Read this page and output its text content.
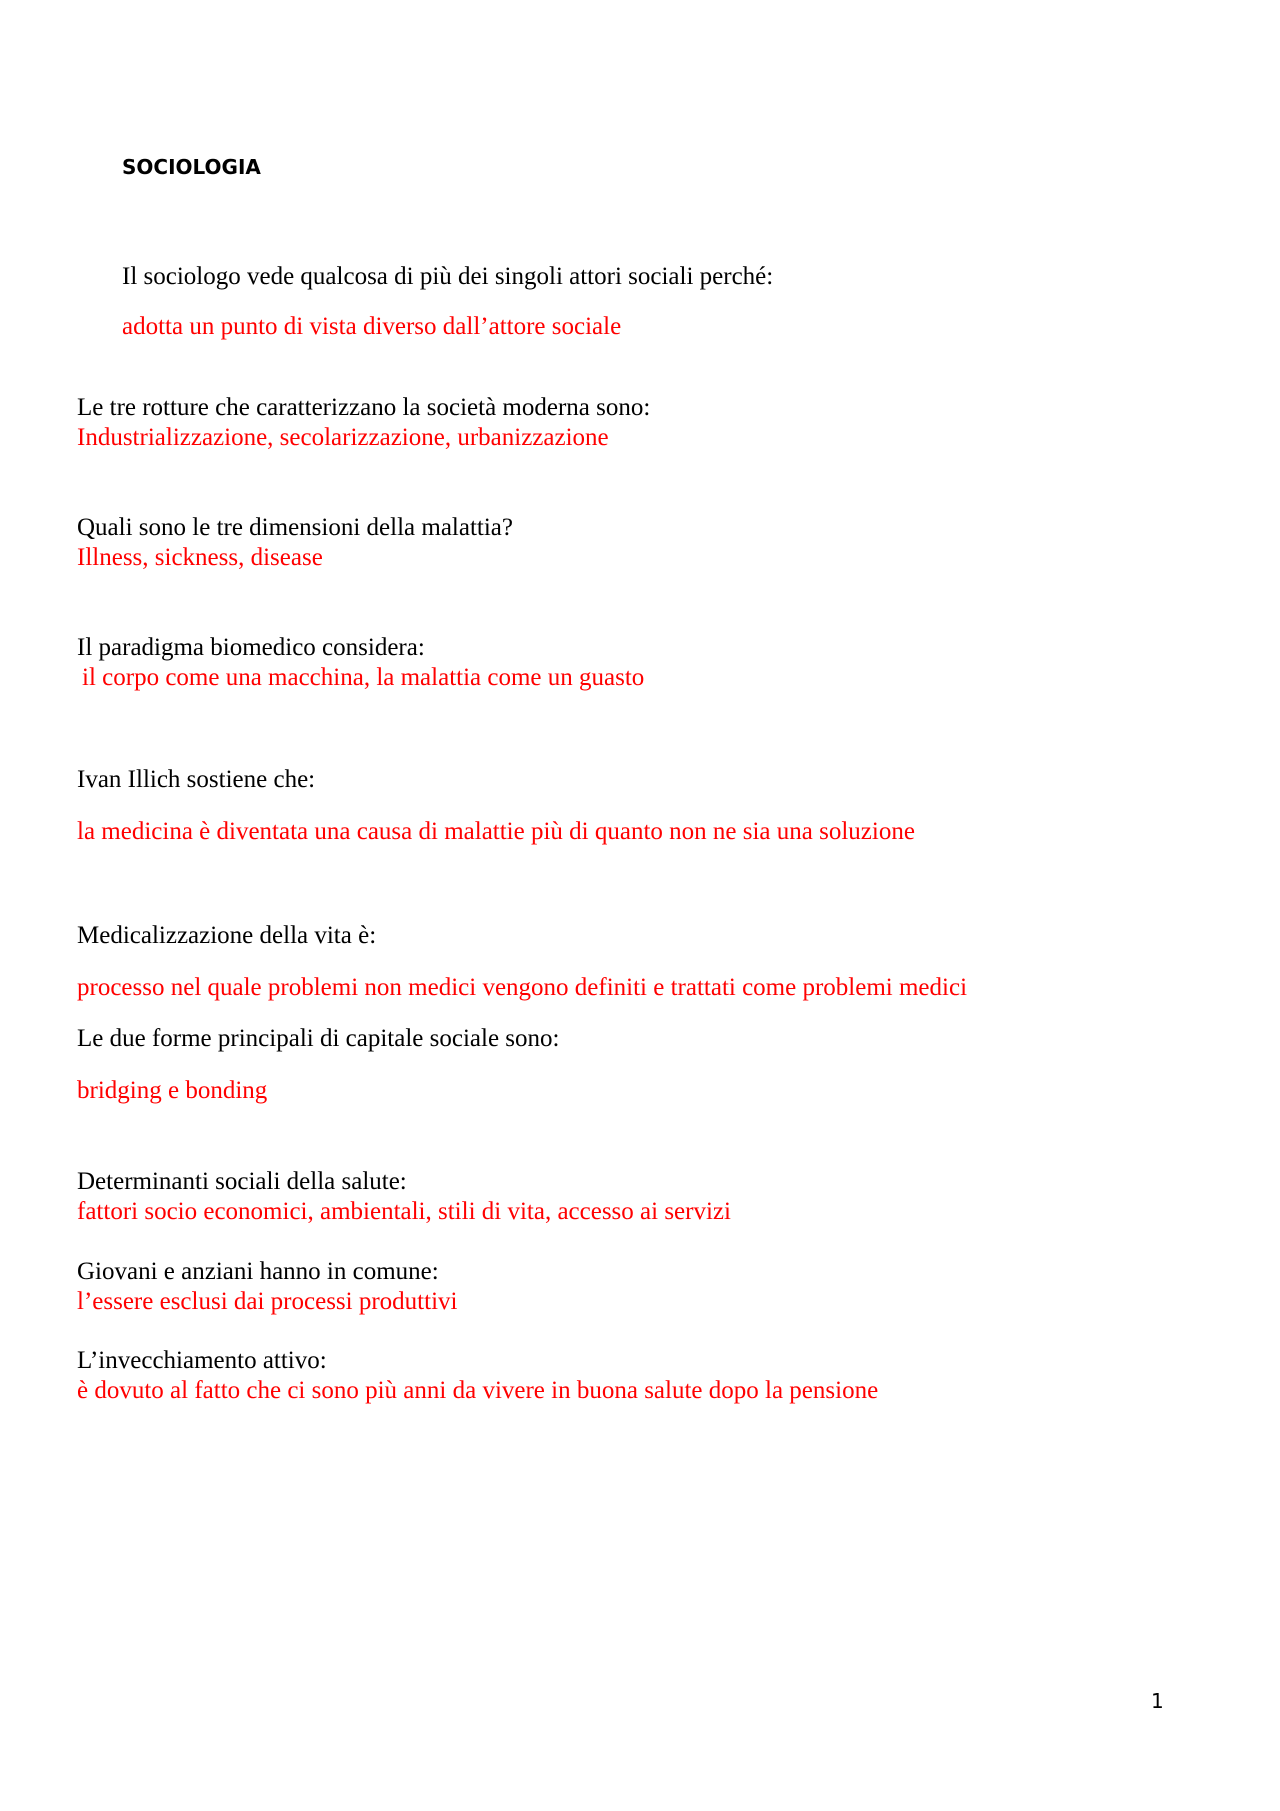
SOCIOLOGIA
Il sociologo vede qualcosa di più dei singoli attori sociali perché:
adotta un punto di vista diverso dall’attore sociale
Le tre rotture che caratterizzano la società moderna sono:
Industrializzazione, secolarizzazione, urbanizzazione
Quali sono le tre dimensioni della malattia?
Illness, sickness, disease
Il paradigma biomedico considera:
il corpo come una macchina, la malattia come un guasto
Ivan Illich sostiene che:
la medicina è diventata una causa di malattie più di quanto non ne sia una soluzione
Medicalizzazione della vita è:
processo nel quale problemi non medici vengono definiti e trattati come problemi medici
Le due forme principali di capitale sociale sono:
bridging e bonding
Determinanti sociali della salute:
fattori socio economici, ambientali, stili di vita, accesso ai servizi
Giovani e anziani hanno in comune:
l’essere esclusi dai processi produttivi
L’invecchiamento attivo:
è dovuto al fatto che ci sono più anni da vivere in buona salute dopo la pensione
1
